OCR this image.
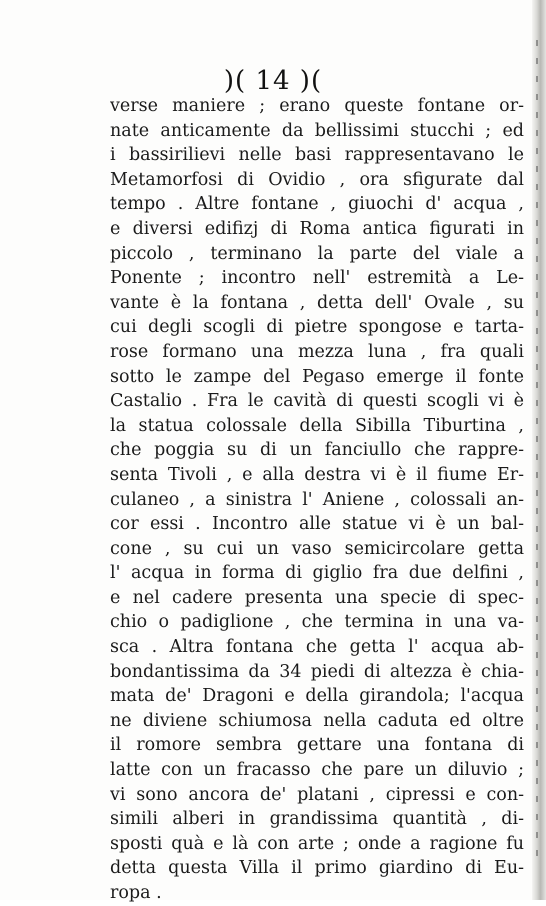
)( 14 )(
verse maniere ; erano queste fontane or-
nate anticamente da bellissimi stucchi ; ed
i bassirilievi nelle basi rappresentavano le
Metamorfosi di Ovidio , ora sfigurate dal
tempo . Altre fontane , giuochi d' acqua ,
e diversi edifizj di Roma antica figurati in
piccolo , terminano la parte del viale a
Ponente ; incontro nell' estremità a Le-
vante è la fontana , detta dell' Ovale , su
cui degli scogli di pietre spongose e tarta-
rose formano una mezza luna , fra quali
sotto le zampe del Pegaso emerge il fonte
Castalio . Fra le cavità di questi scogli vi è
la statua colossale della Sibilla Tiburtina ,
che poggia su di un fanciullo che rappre-
senta Tivoli , e alla destra vi è il fiume Er-
culaneo , a sinistra l' Aniene , colossali an-
cor essi . Incontro alle statue vi è un bal-
cone , su cui un vaso semicircolare getta
l' acqua in forma di giglio fra due delfini ,
e nel cadere presenta una specie di spec-
chio o padiglione , che termina in una va-
sca . Altra fontana che getta l' acqua ab-
bondantissima da 34 piedi di altezza è chia-
mata de' Dragoni e della girandola; l'acqua
ne diviene schiumosa nella caduta ed oltre
il romore sembra gettare una fontana di
latte con un fracasso che pare un diluvio ;
vi sono ancora de' platani , cipressi e con-
simili alberi in grandissima quantità , di-
sposti quà e là con arte ; onde a ragione fu
detta questa Villa il primo giardino di Eu-
ropa .
